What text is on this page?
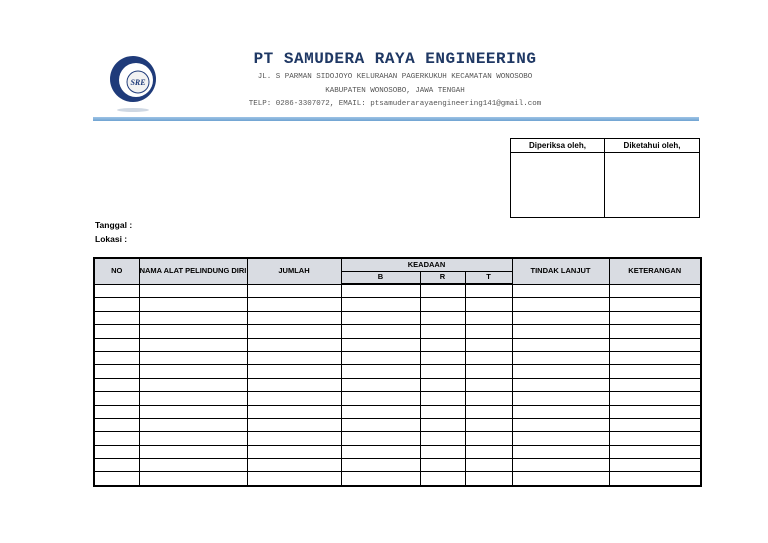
SRE
PT SAMUDERA RAYA ENGINEERING
JL. S PARMAN SIDOJOYO KELURAHAN PAGERKUKUH KECAMATAN WONOSOBO
KABUPATEN WONOSOBO, JAWA TENGAH
TELP: 0286-3307072, EMAIL: ptsamuderarayaengineering141@gmail.com
Diperiksa oleh,	Diketahui oleh,
Tanggal :
Lokasi :
NO	NAMA ALAT PELINDUNG DIRI	JUMLAH	KEADAAN			TINDAK LANJUT	KETERANGAN
			B	R	T		
